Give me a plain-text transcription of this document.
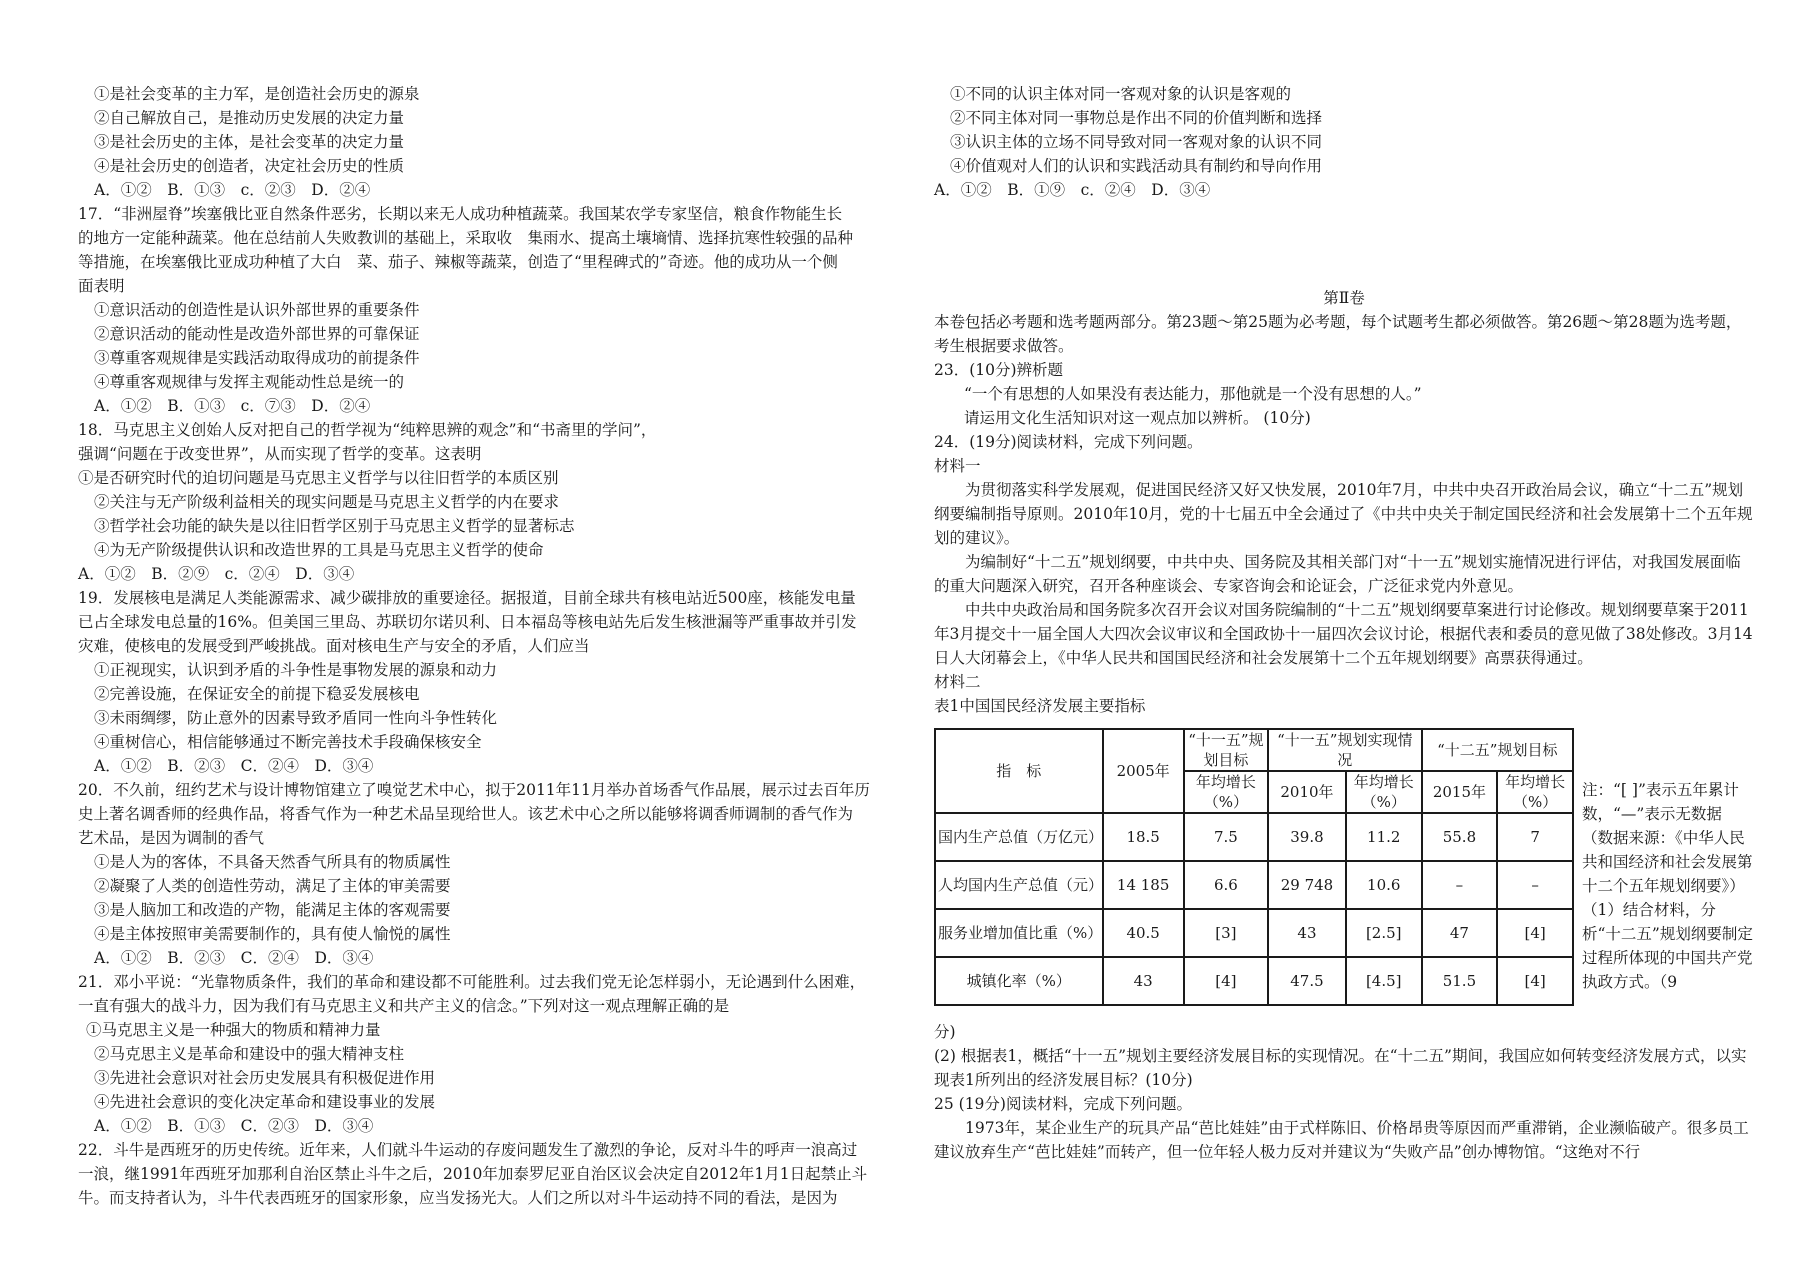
①是社会变革的主力军，是创造社会历史的源泉
②自己解放自己，是推动历史发展的决定力量
③是社会历史的主体，是社会变革的决定力量
④是社会历史的创造者，决定社会历史的性质
A．①②　B．①③　c．②③　D．②④
17．“非洲屋脊”埃塞俄比亚自然条件恶劣，长期以来无人成功种植蔬菜。我国某农学专家坚信，粮食作物能生长
的地方一定能种蔬菜。他在总结前人失败教训的基础上，采取收　集雨水、提高土壤墒情、选择抗寒性较强的品种
等措施，在埃塞俄比亚成功种植了大白　菜、茄子、辣椒等蔬菜，创造了“里程碑式的”奇迹。他的成功从一个侧
面表明
①意识活动的创造性是认识外部世界的重要条件
②意识活动的能动性是改造外部世界的可靠保证
③尊重客观规律是实践活动取得成功的前提条件
④尊重客观规律与发挥主观能动性总是统一的
A．①②　B．①③　c．⑦③　D．②④
18．马克思主义创始人反对把自己的哲学视为“纯粹思辨的观念”和“书斋里的学问”，
强调“问题在于改变世界”，从而实现了哲学的变革。这表明
①是否研究时代的迫切问题是马克思主义哲学与以往旧哲学的本质区别
②关注与无产阶级利益相关的现实问题是马克思主义哲学的内在要求
③哲学社会功能的缺失是以往旧哲学区别于马克思主义哲学的显著标志
④为无产阶级提供认识和改造世界的工具是马克思主义哲学的使命
A．①②　B．②⑨　c．②④　D．③④
19．发展核电是满足人类能源需求、减少碳排放的重要途径。据报道，目前全球共有核电站近500座，核能发电量
已占全球发电总量的16%。但美国三里岛、苏联切尔诺贝利、日本福岛等核电站先后发生核泄漏等严重事故并引发
灾难，使核电的发展受到严峻挑战。面对核电生产与安全的矛盾，人们应当
①正视现实，认识到矛盾的斗争性是事物发展的源泉和动力
②完善设施，在保证安全的前提下稳妥发展核电
③未雨绸缪，防止意外的因素导致矛盾同一性向斗争性转化
④重树信心，相信能够通过不断完善技术手段确保核安全
A．①②　B．②③　C．②④　D．③④
20．不久前，纽约艺术与设计博物馆建立了嗅觉艺术中心，拟于2011年11月举办首场香气作品展，展示过去百年历
史上著名调香师的经典作品，将香气作为一种艺术品呈现给世人。该艺术中心之所以能够将调香师调制的香气作为
艺术品，是因为调制的香气
①是人为的客体，不具备天然香气所具有的物质属性
②凝聚了人类的创造性劳动，满足了主体的审美需要
③是人脑加工和改造的产物，能满足主体的客观需要
④是主体按照审美需要制作的，具有使人愉悦的属性
A．①②　B．②③　C．②④　D．③④
21．邓小平说：“光靠物质条件，我们的革命和建设都不可能胜利。过去我们党无论怎样弱小，无论遇到什么困难，
一直有强大的战斗力，因为我们有马克思主义和共产主义的信念。”下列对这一观点理解正确的是
①马克思主义是一种强大的物质和精神力量
②马克思主义是革命和建设中的强大精神支柱
③先进社会意识对社会历史发展具有积极促进作用
④先进社会意识的变化决定革命和建设事业的发展
A．①②　B．①③　C．②③　D．③④
22．斗牛是西班牙的历史传统。近年来，人们就斗牛运动的存废问题发生了激烈的争论，反对斗牛的呼声一浪高过
一浪，继1991年西班牙加那利自治区禁止斗牛之后，2010年加泰罗尼亚自治区议会决定自2012年1月1日起禁止斗
牛。而支持者认为，斗牛代表西班牙的国家形象，应当发扬光大。人们之所以对斗牛运动持不同的看法，是因为
①不同的认识主体对同一客观对象的认识是客观的
②不同主体对同一事物总是作出不同的价值判断和选择
③认识主体的立场不同导致对同一客观对象的认识不同
④价值观对人们的认识和实践活动具有制约和导向作用
A．①②　B．①⑨　c．②④　D．③④
第Ⅱ卷
本卷包括必考题和选考题两部分。第23题～第25题为必考题，每个试题考生都必须做答。第26题～第28题为选考题，考生根据要求做答。
23．(10分)辨析题
“一个有思想的人如果没有表达能力，那他就是一个没有思想的人。”
请运用文化生活知识对这一观点加以辨析。 (10分)
24．(19分)阅读材料，完成下列问题。
材料一
为贯彻落实科学发展观，促进国民经济又好又快发展，2010年7月，中共中央召开政治局会议，确立“十二五”规划纲要编制指导原则。2010年10月，党的十七届五中全会通过了《中共中央关于制定国民经济和社会发展第十二个五年规划的建议》。
为编制好“十二五”规划纲要，中共中央、国务院及其相关部门对“十一五”规划实施情况进行评估，对我国发展面临的重大问题深入研究，召开各种座谈会、专家咨询会和论证会，广泛征求党内外意见。
中共中央政治局和国务院多次召开会议对国务院编制的“十二五”规划纲要草案进行讨论修改。规划纲要草案于2011年3月提交十一届全国人大四次会议审议和全国政协十一届四次会议讨论，根据代表和委员的意见做了38处修改。3月14日人大闭幕会上，《中华人民共和国国民经济和社会发展第十二个五年规划纲要》高票获得通过。
材料二
表1中国国民经济发展主要指标
指　标	2005年	“十一五”规划目标	“十一五”规划实现情况		“十二五”规划目标	
		年均增长（%）	2010年	年均增长（%）	2015年	年均增长（%）
国内生产总值（万亿元）	18.5	7.5	39.8	11.2	55.8	7
人均国内生产总值（元）	14 185	6.6	29 748	10.6	–	–
服务业增加值比重（%）	40.5	[3]	43	[2.5]	47	[4]
城镇化率（%）	43	[4]	47.5	[4.5]	51.5	[4]
注：“[ ]”表示五年累计数，“—”表示无数据　（数据来源：《中华人民共和国经济和社会发展第十二个五年规划纲要》）　（1）结合材料，分析“十二五”规划纲要制定过程所体现的中国共产党执政方式。（9
分)
(2) 根据表1，概括“十一五”规划主要经济发展目标的实现情况。在“十二五”期间，我国应如何转变经济发展方式，以实现表1所列出的经济发展目标？(10分)
25 (19分)阅读材料，完成下列问题。
1973年，某企业生产的玩具产品“芭比娃娃”由于式样陈旧、价格昂贵等原因而严重滞销，企业濒临破产。很多员工建议放弃生产“芭比娃娃”而转产，但一位年轻人极力反对并建议为“失败产品”创办博物馆。“这绝对不行
